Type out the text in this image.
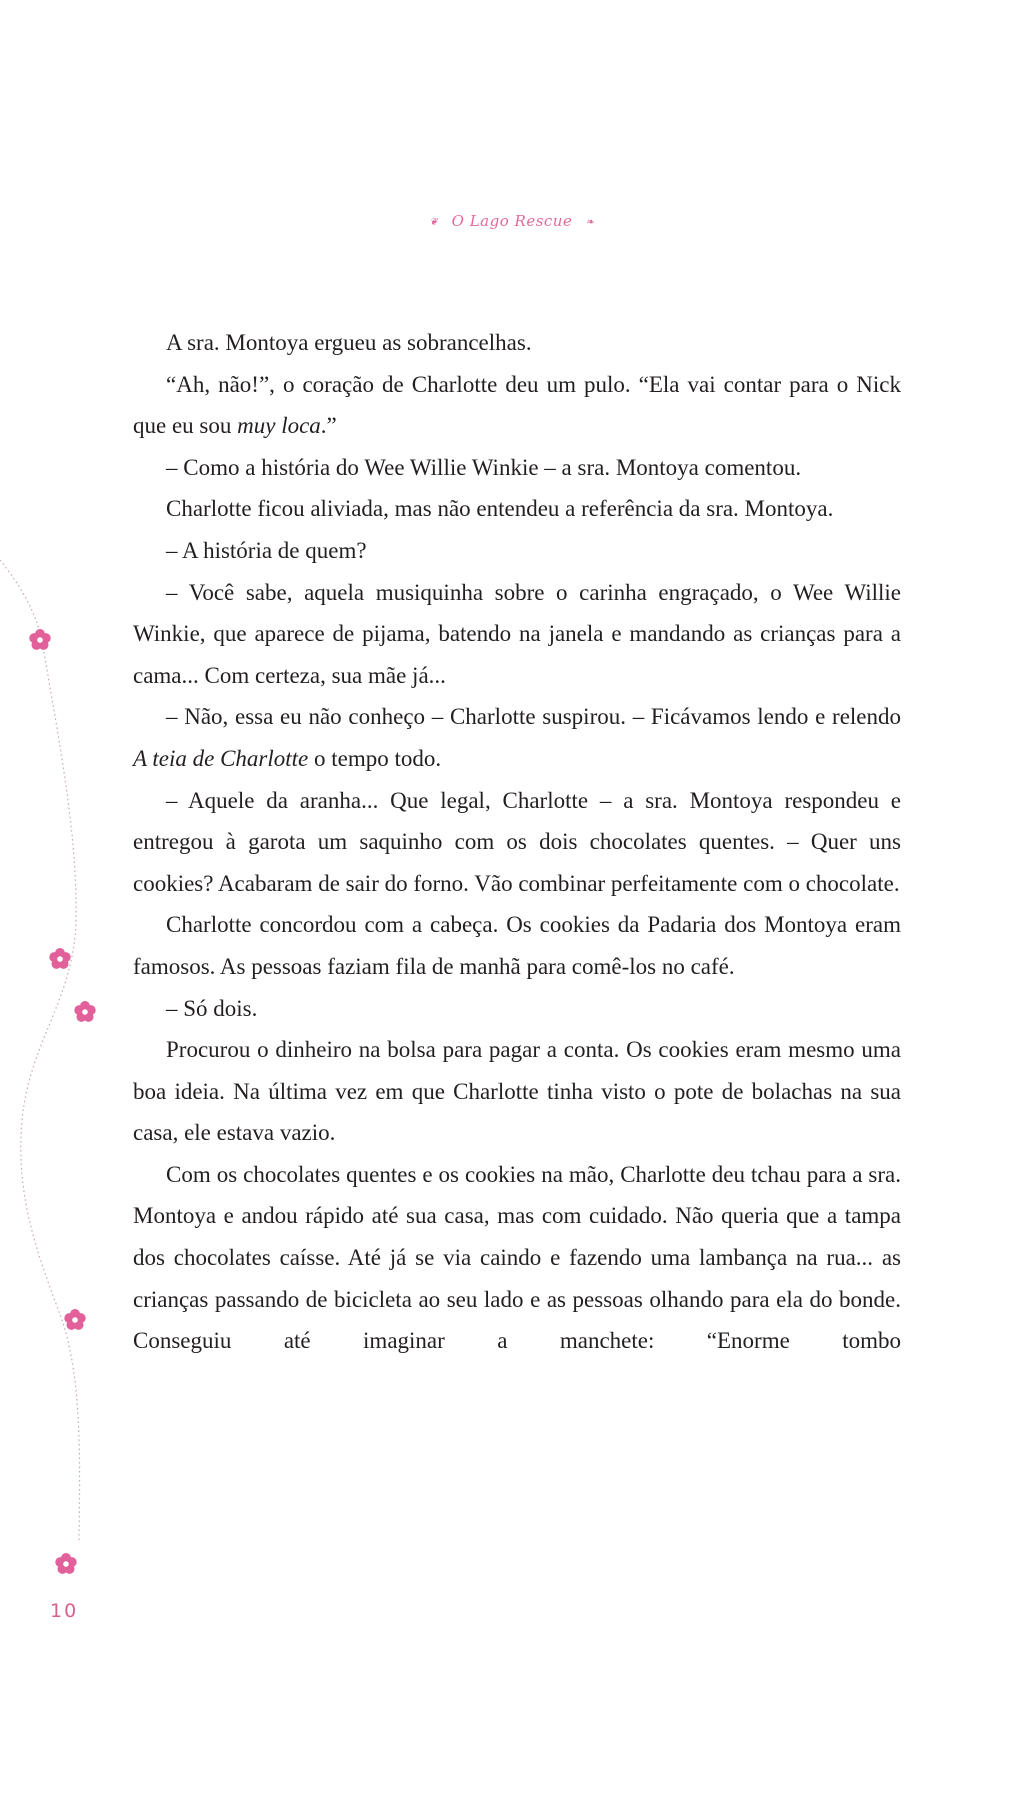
❦ O Lago Rescue ❧

A sra. Montoya ergueu as sobrancelhas.

“Ah, não!”, o coração de Charlotte deu um pulo. “Ela vai contar para o Nick que eu sou muy loca.”

– Como a história do Wee Willie Winkie – a sra. Montoya comentou.

Charlotte ficou aliviada, mas não entendeu a referência da sra. Montoya.

– A história de quem?

– Você sabe, aquela musiquinha sobre o carinha engraçado, o Wee Willie Winkie, que aparece de pijama, batendo na janela e mandando as crianças para a cama... Com certeza, sua mãe já...

– Não, essa eu não conheço – Charlotte suspirou. – Ficávamos lendo e relendo A teia de Charlotte o tempo todo.

– Aquele da aranha... Que legal, Charlotte – a sra. Montoya respondeu e entregou à garota um saquinho com os dois chocolates quentes. – Quer uns cookies? Acabaram de sair do forno. Vão combinar perfeitamente com o chocolate.

Charlotte concordou com a cabeça. Os cookies da Padaria dos Montoya eram famosos. As pessoas faziam fila de manhã para comê-los no café.

– Só dois.

Procurou o dinheiro na bolsa para pagar a conta. Os cookies eram mesmo uma boa ideia. Na última vez em que Charlotte tinha visto o pote de bolachas na sua casa, ele estava vazio.

Com os chocolates quentes e os cookies na mão, Charlotte deu tchau para a sra. Montoya e andou rápido até sua casa, mas com cuidado. Não queria que a tampa dos chocolates caísse. Até já se via caindo e fazendo uma lambança na rua... as crianças passando de bicicleta ao seu lado e as pessoas olhando para ela do bonde. Conseguiu até imaginar a manchete: “Enorme tombo

10
